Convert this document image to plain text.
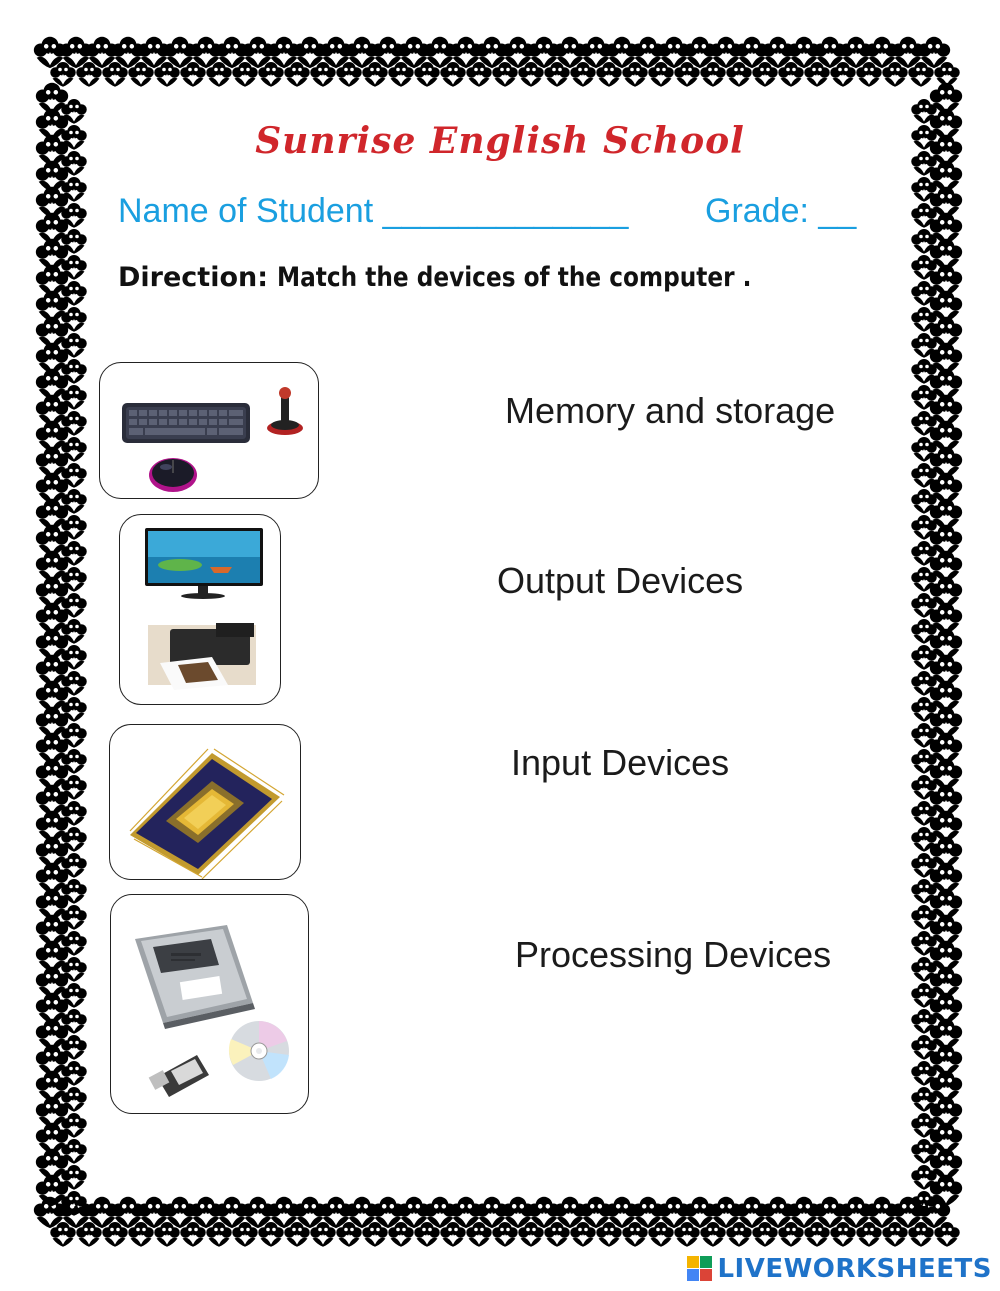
Sunrise English School
Name of Student _____________ Grade: __
Direction: Match the devices of the computer .
Memory and storage
Output Devices
Input Devices
Processing Devices
LIVEWORKSHEETS
